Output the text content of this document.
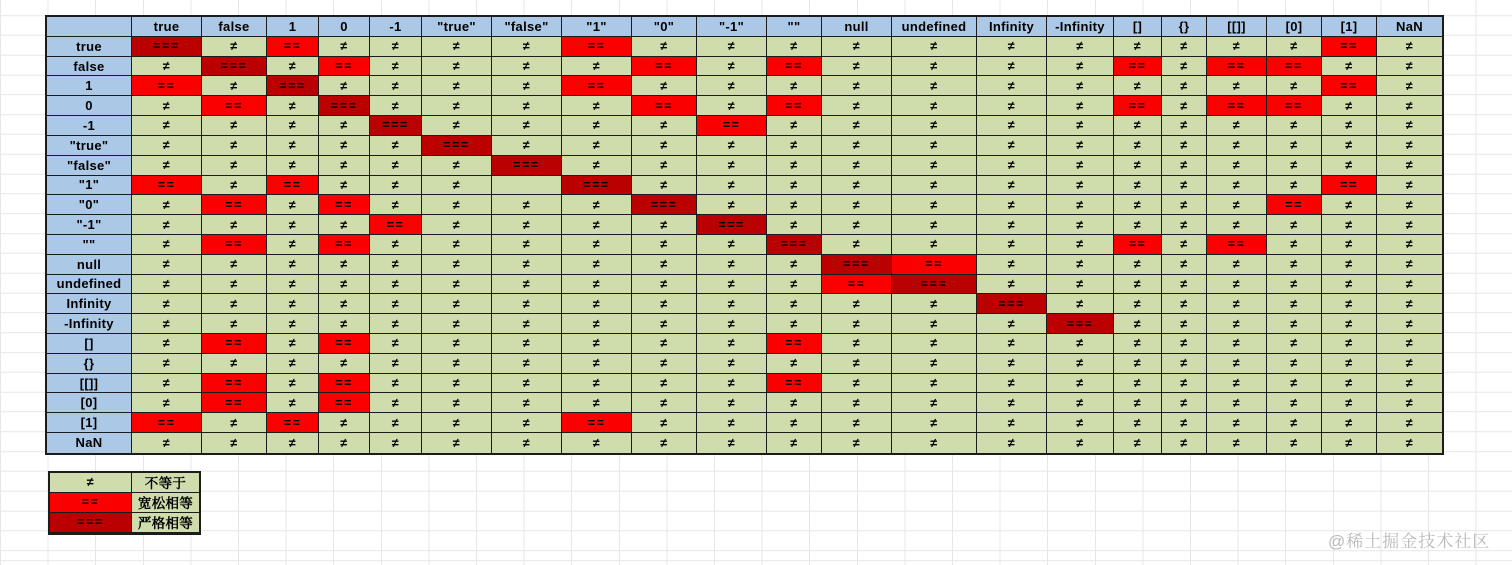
true	false	1	0	-1	"true"	"false"	"1"	"0"	"-1"	""	null	undefined	Infinity	-Infinity	[]	{}	[[]]	[0]	[1]	NaN
true	===	≠	==	≠	≠	≠	≠	==	≠	≠	≠	≠	≠	≠	≠	≠	≠	≠	≠	==	≠
false	≠	===	≠	==	≠	≠	≠	≠	==	≠	==	≠	≠	≠	≠	==	≠	==	==	≠	≠
1	==	≠	===	≠	≠	≠	≠	==	≠	≠	≠	≠	≠	≠	≠	≠	≠	≠	≠	==	≠
0	≠	==	≠	===	≠	≠	≠	≠	==	≠	==	≠	≠	≠	≠	==	≠	==	==	≠	≠
-1	≠	≠	≠	≠	===	≠	≠	≠	≠	==	≠	≠	≠	≠	≠	≠	≠	≠	≠	≠	≠
"true"	≠	≠	≠	≠	≠	===	≠	≠	≠	≠	≠	≠	≠	≠	≠	≠	≠	≠	≠	≠	≠
"false"	≠	≠	≠	≠	≠	≠	===	≠	≠	≠	≠	≠	≠	≠	≠	≠	≠	≠	≠	≠	≠
"1"	==	≠	==	≠	≠	≠	===	≠	≠	≠	≠	≠	≠	≠	≠	≠	≠	≠	==	≠
"0"	≠	==	≠	==	≠	≠	≠	≠	===	≠	≠	≠	≠	≠	≠	≠	≠	≠	==	≠	≠
"-1"	≠	≠	≠	≠	==	≠	≠	≠	≠	===	≠	≠	≠	≠	≠	≠	≠	≠	≠	≠	≠
""	≠	==	≠	==	≠	≠	≠	≠	≠	≠	===	≠	≠	≠	≠	==	≠	==	≠	≠	≠
null	≠	≠	≠	≠	≠	≠	≠	≠	≠	≠	≠	===	==	≠	≠	≠	≠	≠	≠	≠	≠
undefined	≠	≠	≠	≠	≠	≠	≠	≠	≠	≠	≠	==	===	≠	≠	≠	≠	≠	≠	≠	≠
Infinity	≠	≠	≠	≠	≠	≠	≠	≠	≠	≠	≠	≠	≠	===	≠	≠	≠	≠	≠	≠	≠
-Infinity	≠	≠	≠	≠	≠	≠	≠	≠	≠	≠	≠	≠	≠	≠	===	≠	≠	≠	≠	≠	≠
[]	≠	==	≠	==	≠	≠	≠	≠	≠	≠	==	≠	≠	≠	≠	≠	≠	≠	≠	≠	≠
{}	≠	≠	≠	≠	≠	≠	≠	≠	≠	≠	≠	≠	≠	≠	≠	≠	≠	≠	≠	≠	≠
[[]]	≠	==	≠	==	≠	≠	≠	≠	≠	≠	==	≠	≠	≠	≠	≠	≠	≠	≠	≠	≠
[0]	≠	==	≠	==	≠	≠	≠	≠	≠	≠	≠	≠	≠	≠	≠	≠	≠	≠	≠	≠	≠
[1]	==	≠	==	≠	≠	≠	≠	==	≠	≠	≠	≠	≠	≠	≠	≠	≠	≠	≠	≠	≠
NaN	≠	≠	≠	≠	≠	≠	≠	≠	≠	≠	≠	≠	≠	≠	≠	≠	≠	≠	≠	≠	≠
≠	不等于
==	宽松相等
===	严格相等
@稀土掘金技术社区
